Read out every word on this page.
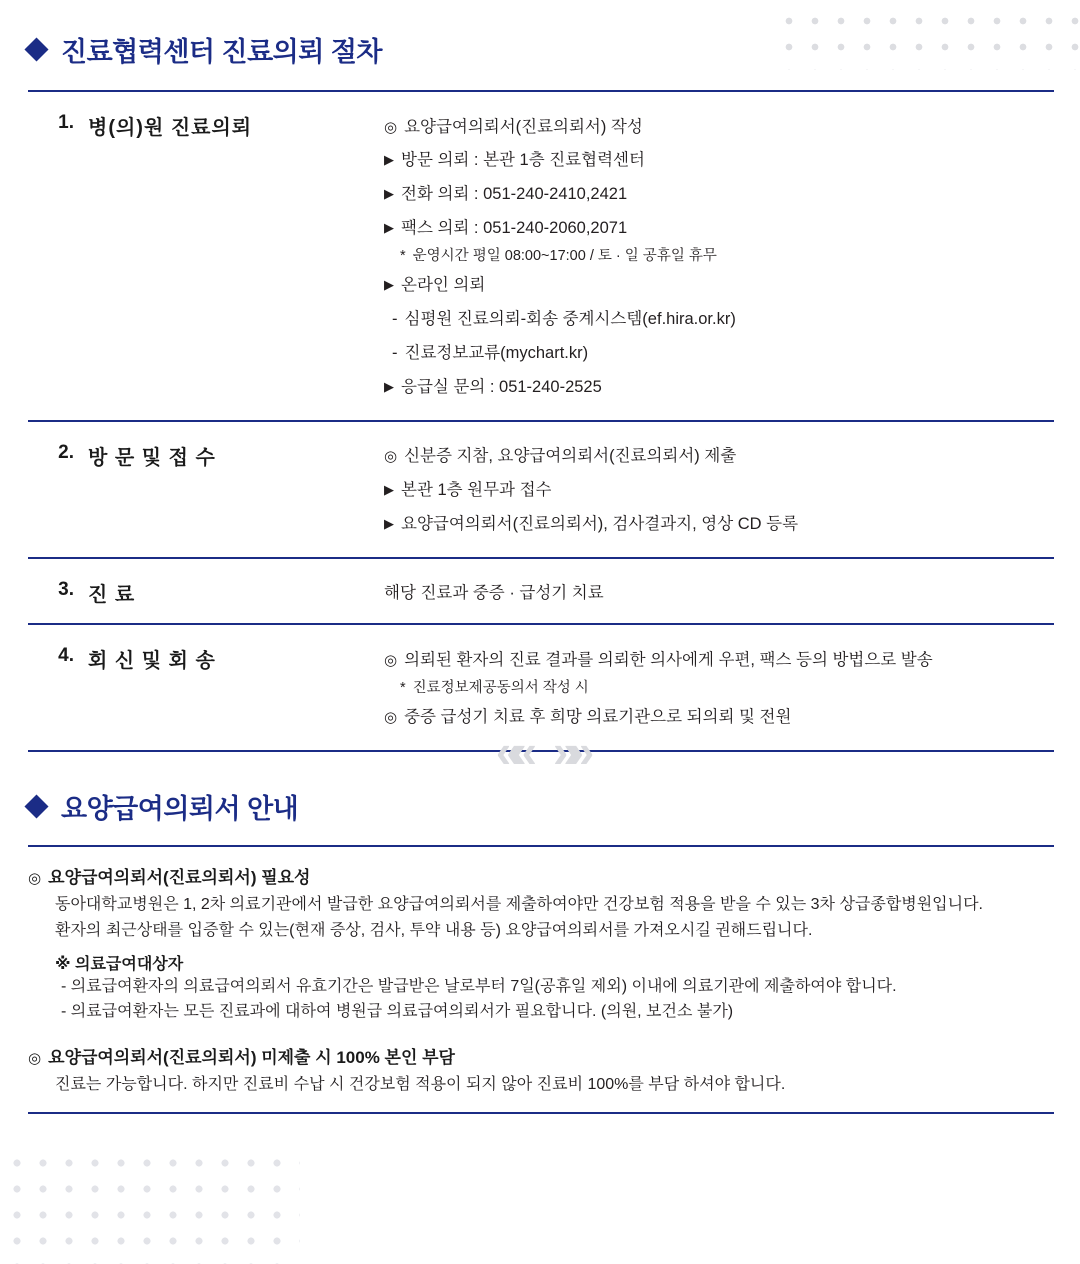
진료협력센터 진료의뢰 절차
1. 병(의)원 진료의뢰	◎ 요양급여의뢰서(진료의뢰서) 작성
▶ 방문 의뢰 : 본관 1층 진료협력센터
▶ 전화 의뢰 : 051-240-2410,2421
▶ 팩스 의뢰 : 051-240-2060,2071
* 운영시간 평일 08:00~17:00 / 토 · 일 공휴일 휴무
▶ 온라인 의뢰
- 심평원 진료의뢰-회송 중계시스템(ef.hira.or.kr)
- 진료정보교류(mychart.kr)
▶ 응급실 문의 : 051-240-2525
2. 방 문 및 접 수	◎ 신분증 지참, 요양급여의뢰서(진료의뢰서) 제출
▶ 본관 1층 원무과 접수
▶ 요양급여의뢰서(진료의뢰서), 검사결과지, 영상 CD 등록
3. 진 료	해당 진료과 중증 · 급성기 치료
4. 회 신 및 회 송	◎ 의뢰된 환자의 진료 결과를 의뢰한 의사에게 우편, 팩스 등의 방법으로 발송
* 진료정보제공동의서 작성 시
◎ 중증 급성기 치료 후 희망 의료기관으로 되의뢰 및 전원
«« »»
요양급여의뢰서 안내
◎ 요양급여의뢰서(진료의뢰서) 필요성
동아대학교병원은 1, 2차 의료기관에서 발급한 요양급여의뢰서를 제출하여야만 건강보험 적용을 받을 수 있는 3차 상급종합병원입니다.
환자의 최근상태를 입증할 수 있는(현재 증상, 검사, 투약 내용 등) 요양급여의뢰서를 가져오시길 권해드립니다.
※ 의료급여대상자
- 의료급여환자의 의료급여의뢰서 유효기간은 발급받은 날로부터 7일(공휴일 제외) 이내에 의료기관에 제출하여야 합니다.
- 의료급여환자는 모든 진료과에 대하여 병원급 의료급여의뢰서가 필요합니다. (의원, 보건소 불가)
◎ 요양급여의뢰서(진료의뢰서) 미제출 시 100% 본인 부담
진료는 가능합니다. 하지만 진료비 수납 시 건강보험 적용이 되지 않아 진료비 100%를 부담 하셔야 합니다.
